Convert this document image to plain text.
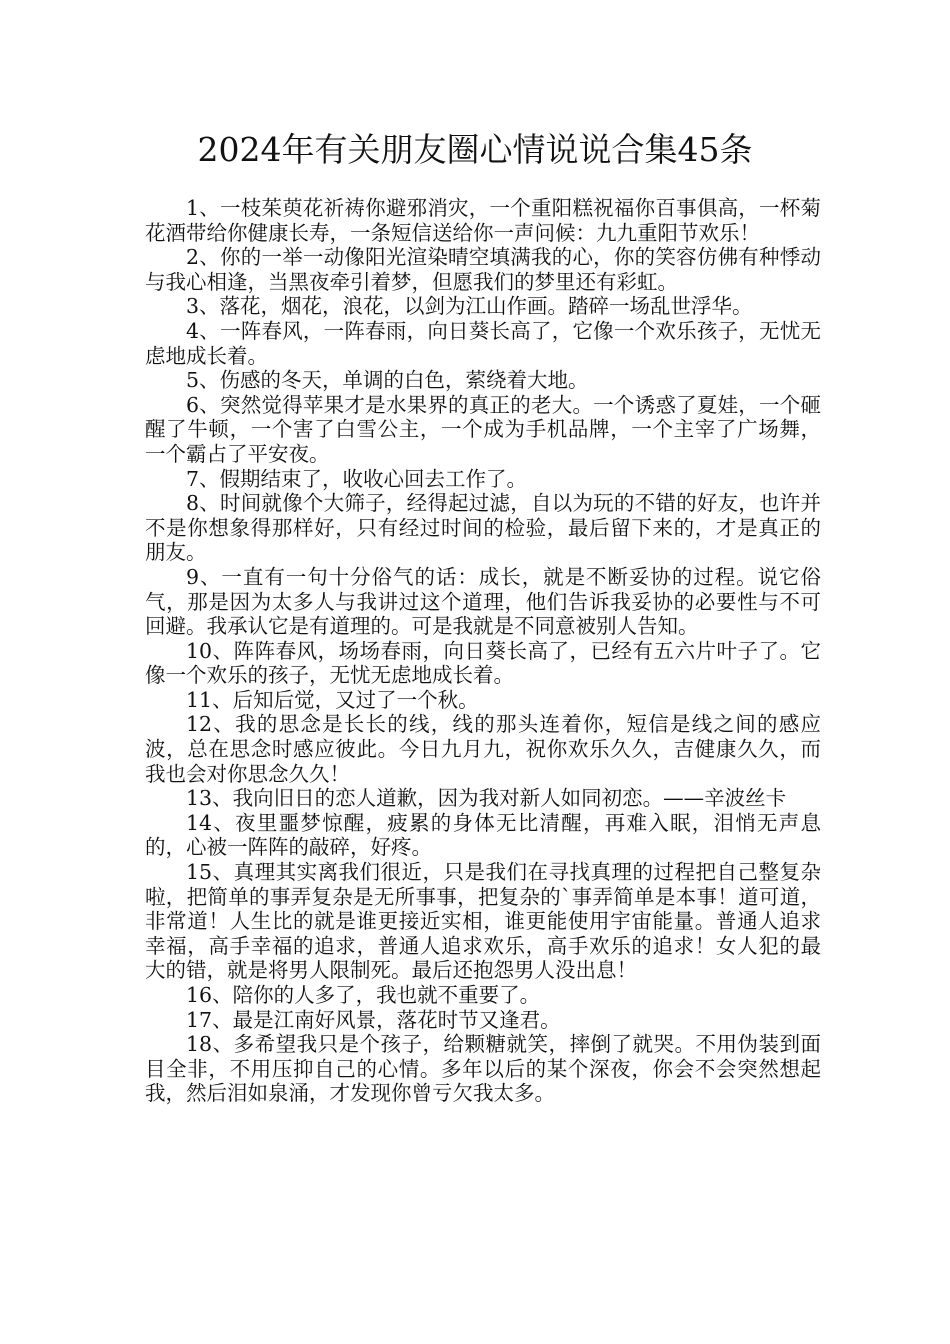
2024年有关朋友圈心情说说合集45条

1、一枝茱萸花祈祷你避邪消灾，一个重阳糕祝福你百事俱高，一杯菊花酒带给你健康长寿，一条短信送给你一声问候：九九重阳节欢乐！

2、你的一举一动像阳光渲染晴空填满我的心，你的笑容仿佛有种悸动与我心相逢，当黑夜牵引着梦，但愿我们的梦里还有彩虹。

3、落花，烟花，浪花，以剑为江山作画。踏碎一场乱世浮华。

4、一阵春风，一阵春雨，向日葵长高了，它像一个欢乐孩子，无忧无虑地成长着。

5、伤感的冬天，单调的白色，萦绕着大地。

6、突然觉得苹果才是水果界的真正的老大。一个诱惑了夏娃，一个砸醒了牛顿，一个害了白雪公主，一个成为手机品牌，一个主宰了广场舞，一个霸占了平安夜。

7、假期结束了，收收心回去工作了。

8、时间就像个大筛子，经得起过滤，自以为玩的不错的好友，也许并不是你想象得那样好，只有经过时间的检验，最后留下来的，才是真正的朋友。

9、一直有一句十分俗气的话：成长，就是不断妥协的过程。说它俗气，那是因为太多人与我讲过这个道理，他们告诉我妥协的必要性与不可回避。我承认它是有道理的。可是我就是不同意被别人告知。

10、阵阵春风，场场春雨，向日葵长高了，已经有五六片叶子了。它像一个欢乐的孩子，无忧无虑地成长着。

11、后知后觉，又过了一个秋。

12、我的思念是长长的线，线的那头连着你，短信是线之间的感应波，总在思念时感应彼此。今日九月九，祝你欢乐久久，吉健康久久，而我也会对你思念久久！

13、我向旧日的恋人道歉，因为我对新人如同初恋。——辛波丝卡

14、夜里噩梦惊醒，疲累的身体无比清醒，再难入眠，泪悄无声息的，心被一阵阵的敲碎，好疼。

15、真理其实离我们很近，只是我们在寻找真理的过程把自己整复杂啦，把简单的事弄复杂是无所事事，把复杂的`事弄简单是本事！道可道，非常道！人生比的就是谁更接近实相，谁更能使用宇宙能量。普通人追求幸福，高手幸福的追求，普通人追求欢乐，高手欢乐的追求！女人犯的最大的错，就是将男人限制死。最后还抱怨男人没出息！

16、陪你的人多了，我也就不重要了。

17、最是江南好风景，落花时节又逢君。

18、多希望我只是个孩子，给颗糖就笑，摔倒了就哭。不用伪装到面目全非，不用压抑自己的心情。多年以后的某个深夜，你会不会突然想起我，然后泪如泉涌，才发现你曾亏欠我太多。
